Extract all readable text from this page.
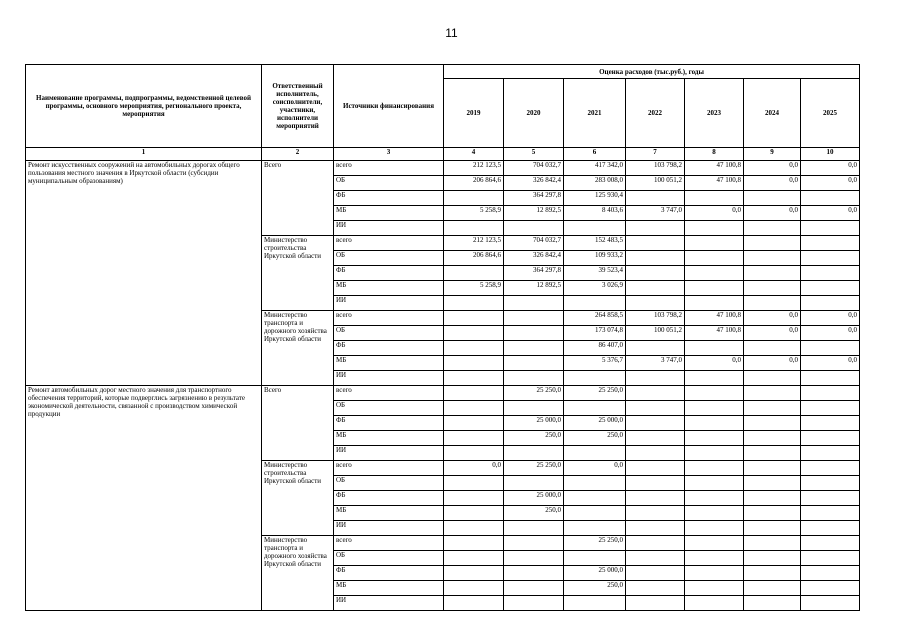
11
Наименование программы, подпрограммы, ведомственной целевой программы, основного мероприятия, регионального проекта, мероприятия	Ответственный исполнитель, соисполнители, участники, исполнители мероприятий	Источники финансирования	Оценка расходов (тыс.руб.), годы						
			2019	2020	2021	2022	2023	2024	2025
1	2	3	4	5	6	7	8	9	10
Ремонт искусственных сооружений на автомобильных дорогах общего пользования местного значения в Иркутской области (субсидии муниципальным образованиям)	Всего	всего	212 123,5	704 032,7	417 342,0	103 798,2	47 100,8	0,0	0,0
		ОБ	206 864,6	326 842,4	283 008,0	100 051,2	47 100,8	0,0	0,0
		ФБ		364 297,8	125 930,4				
		МБ	5 258,9	12 892,5	8 403,6	3 747,0	0,0	0,0	0,0
		ИИ							
	Министерство строительства Иркутской области	всего	212 123,5	704 032,7	152 483,5				
		ОБ	206 864,6	326 842,4	109 933,2				
		ФБ		364 297,8	39 523,4				
		МБ	5 258,9	12 892,5	3 026,9				
		ИИ							
	Министерство транспорта и дорожного хозяйства Иркутской области	всего			264 858,5	103 798,2	47 100,8	0,0	0,0
		ОБ			173 074,8	100 051,2	47 100,8	0,0	0,0
		ФБ			86 407,0				
		МБ			5 376,7	3 747,0	0,0	0,0	0,0
		ИИ							
Ремонт автомобильных дорог местного значения для транспортного обеспечения территорий, которые подверглись загрязнению в результате экономической деятельности, связанной с производством химической продукции	Всего	всего		25 250,0	25 250,0				
		ОБ							
		ФБ		25 000,0	25 000,0				
		МБ		250,0	250,0				
		ИИ							
	Министерство строительства Иркутской области	всего	0,0	25 250,0	0,0				
		ОБ							
		ФБ		25 000,0					
		МБ		250,0					
		ИИ							
	Министерство транспорта и дорожного хозяйства Иркутской области	всего			25 250,0				
		ОБ							
		ФБ			25 000,0				
		МБ			250,0				
		ИИ							
